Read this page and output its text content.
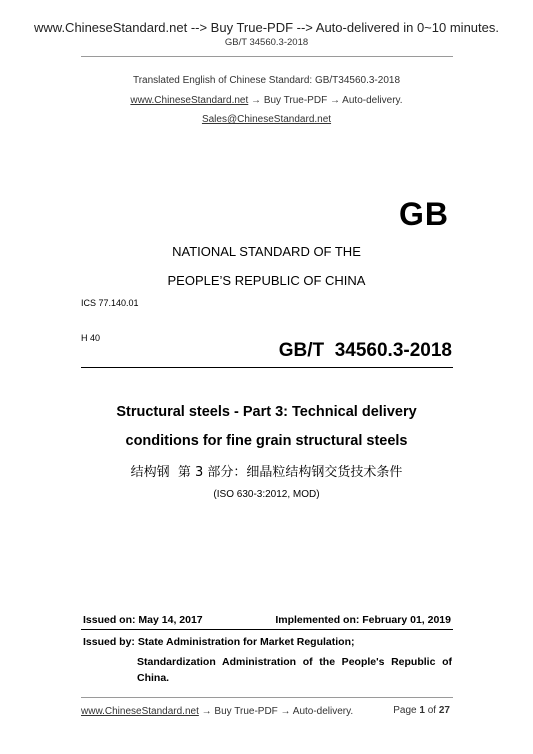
www.ChineseStandard.net --> Buy True-PDF --> Auto-delivered in 0~10 minutes.
GB/T 34560.3-2018
Translated English of Chinese Standard: GB/T34560.3-2018
www.ChineseStandard.net → Buy True-PDF → Auto-delivery.
Sales@ChineseStandard.net
GB
NATIONAL STANDARD OF THE
PEOPLE’S REPUBLIC OF CHINA
ICS 77.140.01
H 40
GB/T  34560.3-2018
Structural steels - Part 3: Technical delivery
conditions for fine grain structural steels
结构钢  第 3 部分：细晶粒结构钢交货技术条件
(ISO 630-3:2012, MOD)
Issued on: May 14, 2017	Implemented on: February 01, 2019
Issued by: State Administration for Market Regulation;
Standardization Administration of the People's Republic of China.
www.ChineseStandard.net → Buy True-PDF → Auto-delivery.	Page 1 of 27
